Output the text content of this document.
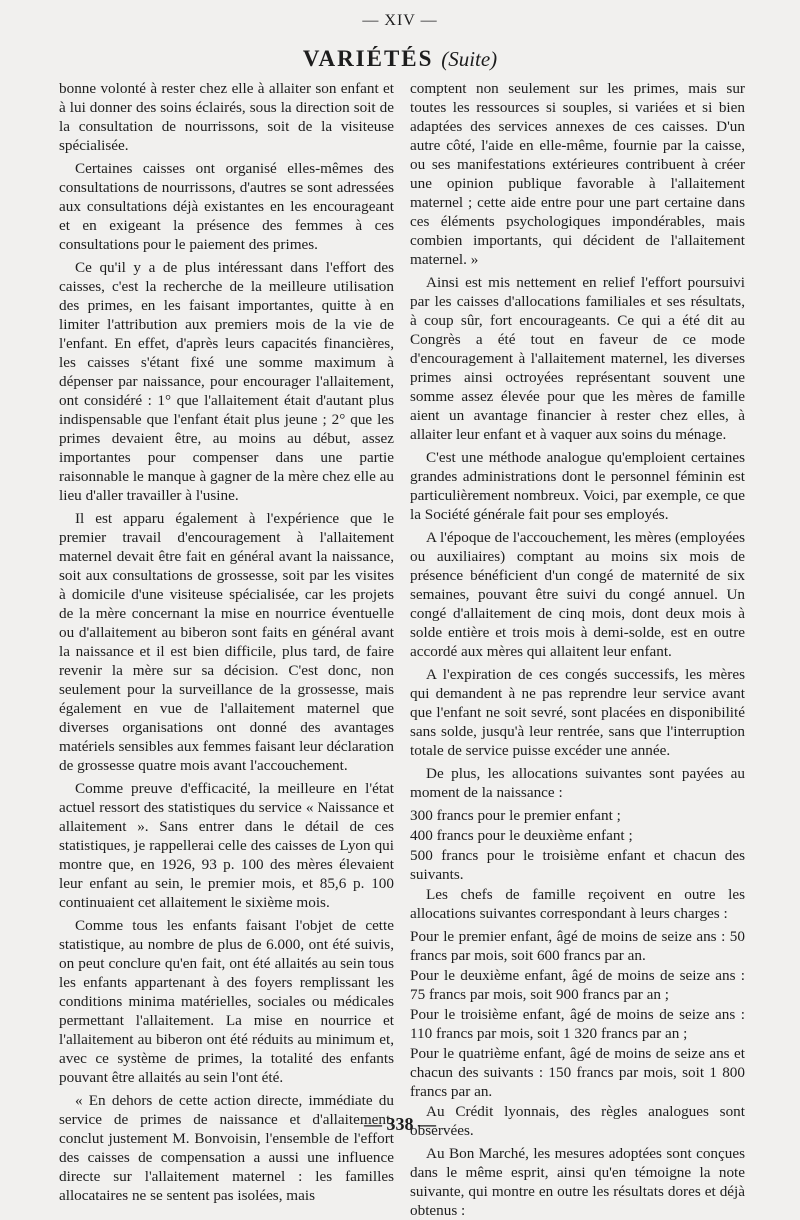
— XIV —
VARIÉTÉS (Suite)

bonne volonté à rester chez elle à allaiter son enfant et à lui donner des soins éclairés, sous la direction soit de la consultation de nourrissons, soit de la visiteuse spécialisée.

Certaines caisses ont organisé elles-mêmes des consultations de nourrissons, d'autres se sont adressées aux consultations déjà existantes en les encourageant et en exigeant la présence des femmes à ces consultations pour le paiement des primes.

Ce qu'il y a de plus intéressant dans l'effort des caisses, c'est la recherche de la meilleure utilisation des primes, en les faisant importantes, quitte à en limiter l'attribution aux premiers mois de la vie de l'enfant. En effet, d'après leurs capacités financières, les caisses s'étant fixé une somme maximum à dépenser par naissance, pour encourager l'allaitement, ont considéré : 1° que l'allaitement était d'autant plus indispensable que l'enfant était plus jeune ; 2° que les primes devaient être, au moins au début, assez importantes pour compenser dans une partie raisonnable le manque à gagner de la mère chez elle au lieu d'aller travailler à l'usine.

Il est apparu également à l'expérience que le premier travail d'encouragement à l'allaitement maternel devait être fait en général avant la naissance, soit aux consultations de grossesse, soit par les visites à domicile d'une visiteuse spécialisée, car les projets de la mère concernant la mise en nourrice éventuelle ou d'allaitement au biberon sont faits en général avant la naissance et il est bien difficile, plus tard, de faire revenir la mère sur sa décision. C'est donc, non seulement pour la surveillance de la grossesse, mais également en vue de l'allaitement maternel que diverses organisations ont donné des avantages matériels sensibles aux femmes faisant leur déclaration de grossesse quatre mois avant l'accouchement.

Comme preuve d'efficacité, la meilleure en l'état actuel ressort des statistiques du service « Naissance et allaitement ». Sans entrer dans le détail de ces statistiques, je rappellerai celle des caisses de Lyon qui montre que, en 1926, 93 p. 100 des mères élevaient leur enfant au sein, le premier mois, et 85,6 p. 100 continuaient cet allaitement le sixième mois.

Comme tous les enfants faisant l'objet de cette statistique, au nombre de plus de 6.000, ont été suivis, on peut conclure qu'en fait, ont été allaités au sein tous les enfants appartenant à des foyers remplissant les conditions minima matérielles, sociales ou médicales permettant l'allaitement. La mise en nourrice et l'allaitement au biberon ont été réduits au minimum et, avec ce système de primes, la totalité des enfants pouvant être allaités au sein l'ont été.

« En dehors de cette action directe, immédiate du service de primes de naissance et d'allaitement, conclut justement M. Bonvoisin, l'ensemble de l'effort des caisses de compensation a aussi une influence directe sur l'allaitement maternel : les familles allocataires ne se sentent pas isolées, mais

comptent non seulement sur les primes, mais sur toutes les ressources si souples, si variées et si bien adaptées des services annexes de ces caisses. D'un autre côté, l'aide en elle-même, fournie par la caisse, ou ses manifestations extérieures contribuent à créer une opinion publique favorable à l'allaitement maternel ; cette aide entre pour une part certaine dans ces éléments psychologiques impondérables, mais combien importants, qui décident de l'allaitement maternel. »

Ainsi est mis nettement en relief l'effort poursuivi par les caisses d'allocations familiales et ses résultats, à coup sûr, fort encourageants. Ce qui a été dit au Congrès a été tout en faveur de ce mode d'encouragement à l'allaitement maternel, les diverses primes ainsi octroyées représentant souvent une somme assez élevée pour que les mères de famille aient un avantage financier à rester chez elles, à allaiter leur enfant et à vaquer aux soins du ménage.

C'est une méthode analogue qu'emploient certaines grandes administrations dont le personnel féminin est particulièrement nombreux. Voici, par exemple, ce que la Société générale fait pour ses employés.

A l'époque de l'accouchement, les mères (employées ou auxiliaires) comptant au moins six mois de présence bénéficient d'un congé de maternité de six semaines, pouvant être suivi du congé annuel. Un congé d'allaitement de cinq mois, dont deux mois à solde entière et trois mois à demi-solde, est en outre accordé aux mères qui allaitent leur enfant.

A l'expiration de ces congés successifs, les mères qui demandent à ne pas reprendre leur service avant que l'enfant ne soit sevré, sont placées en disponibilité sans solde, jusqu'à leur rentrée, sans que l'interruption totale de service puisse excéder une année.

De plus, les allocations suivantes sont payées au moment de la naissance :

300 francs pour le premier enfant ;

400 francs pour le deuxième enfant ;

500 francs pour le troisième enfant et chacun des suivants.

Les chefs de famille reçoivent en outre les allocations suivantes correspondant à leurs charges :

Pour le premier enfant, âgé de moins de seize ans : 50 francs par mois, soit 600 francs par an.

Pour le deuxième enfant, âgé de moins de seize ans : 75 francs par mois, soit 900 francs par an ;

Pour le troisième enfant, âgé de moins de seize ans : 110 francs par mois, soit 1 320 francs par an ;

Pour le quatrième enfant, âgé de moins de seize ans et chacun des suivants : 150 francs par mois, soit 1 800 francs par an.

Au Crédit lyonnais, des règles analogues sont observées.

Au Bon Marché, les mesures adoptées sont conçues dans le même esprit, ainsi qu'en témoigne la note suivante, qui montre en outre les résultats dores et déjà obtenus :

— 338 —
